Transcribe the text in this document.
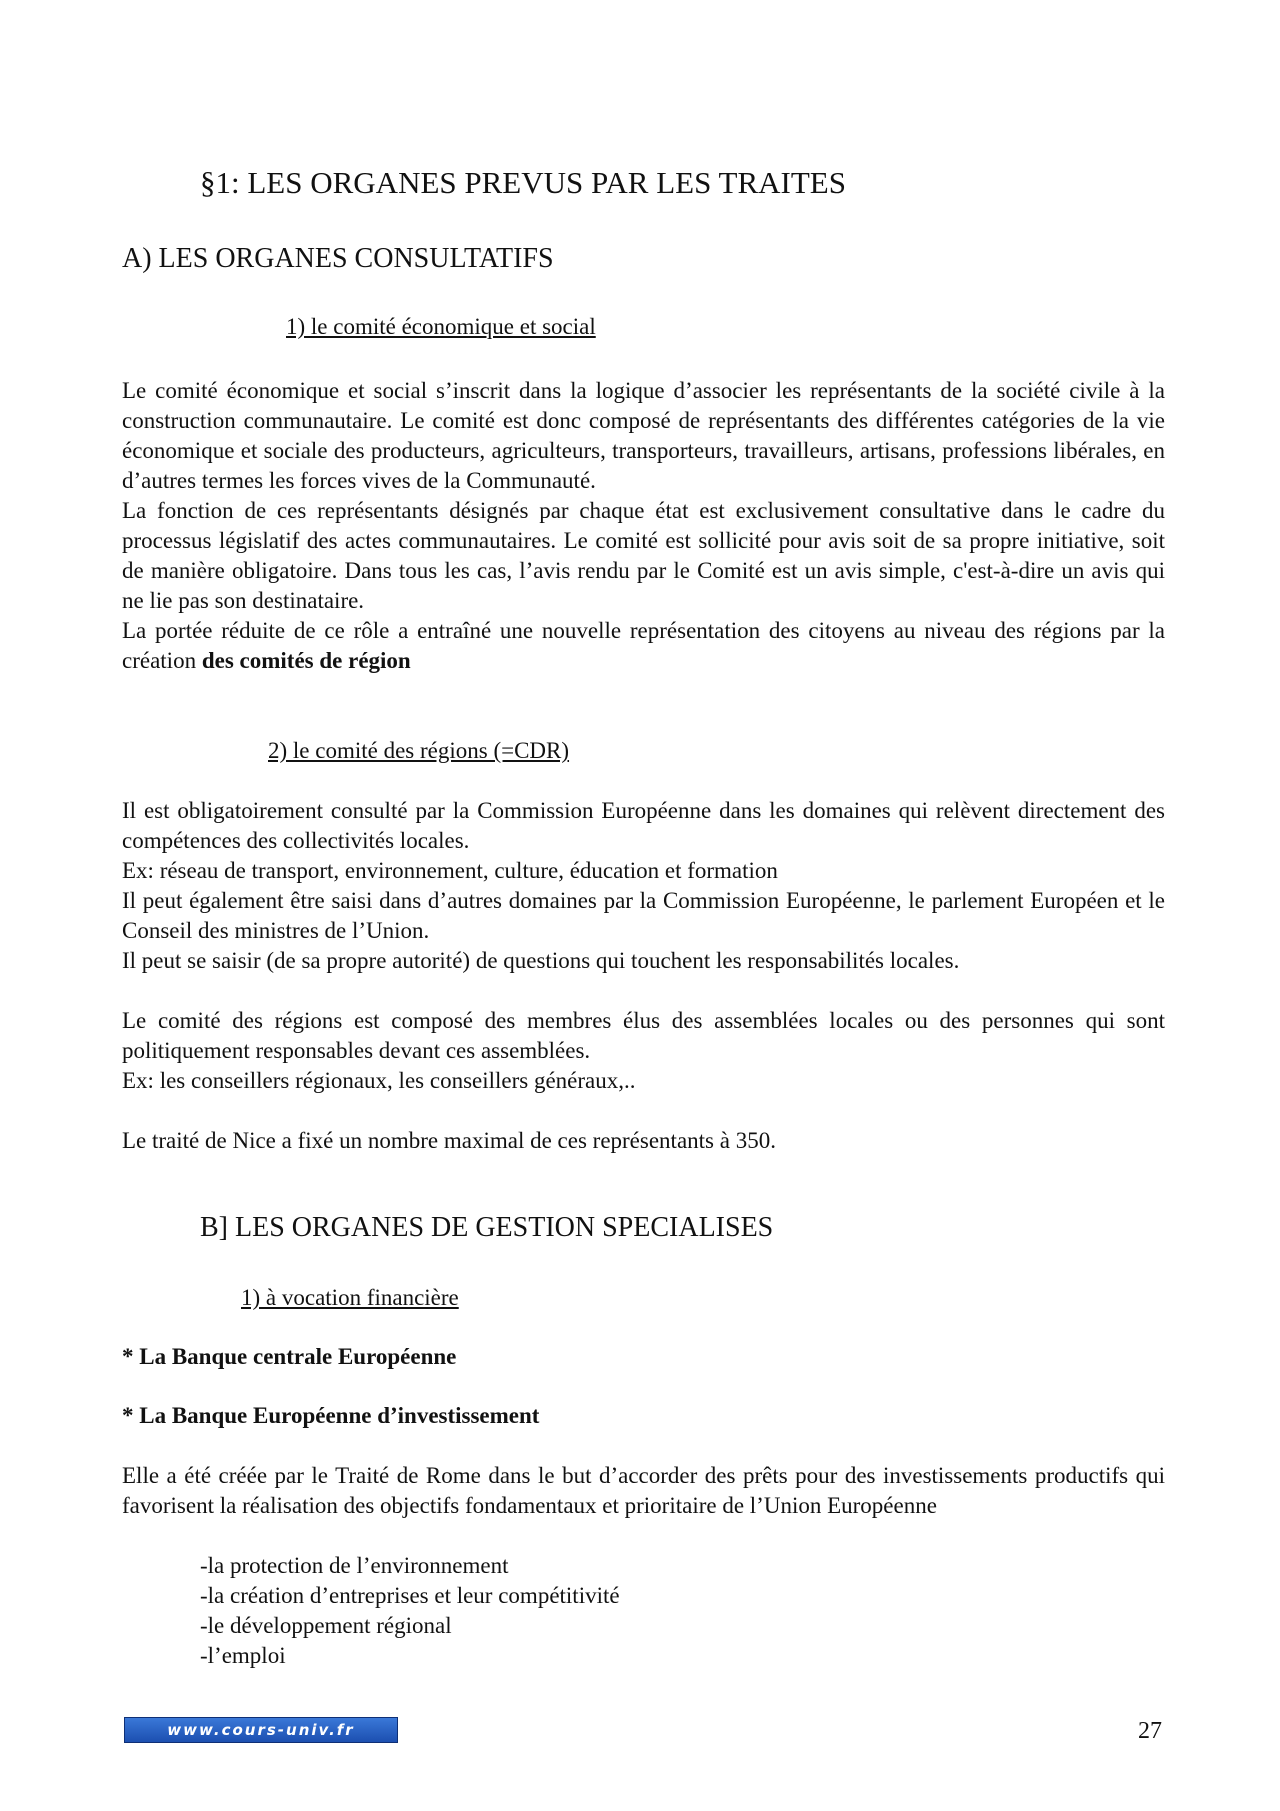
§1: LES ORGANES PREVUS PAR LES TRAITES
A) LES ORGANES CONSULTATIFS
1) le comité économique et social

Le comité économique et social s’inscrit dans la logique d’associer les représentants de la société civile à la construction communautaire. Le comité est donc composé de représentants des différentes catégories de la vie économique et sociale des producteurs, agriculteurs, transporteurs, travailleurs, artisans, professions libérales, en d’autres termes les forces vives de la Communauté.

La fonction de ces représentants désignés par chaque état est exclusivement consultative dans le cadre du processus législatif des actes communautaires. Le comité est sollicité pour avis soit de sa propre initiative, soit de manière obligatoire. Dans tous les cas, l’avis rendu par le Comité est un avis simple, c'est-à-dire un avis qui ne lie pas son destinataire.

La portée réduite de ce rôle a entraîné une nouvelle représentation des citoyens au niveau des régions par la création des comités de région

2) le comité des régions (=CDR)

Il est obligatoirement consulté par la Commission Européenne dans les domaines qui relèvent directement des compétences des collectivités locales.

Ex: réseau de transport, environnement, culture, éducation et formation

Il peut également être saisi dans d’autres domaines par la Commission Européenne, le parlement Européen et le Conseil des ministres de l’Union.

Il peut se saisir (de sa propre autorité) de questions qui touchent les responsabilités locales.

Le comité des régions est composé des membres élus des assemblées locales ou des personnes qui sont politiquement responsables devant ces assemblées.

Ex: les conseillers régionaux, les conseillers généraux,..

Le traité de Nice a fixé un nombre maximal de ces représentants à 350.

B] LES ORGANES DE GESTION SPECIALISES
1) à vocation financière
* La Banque centrale Européenne
* La Banque Européenne d’investissement

Elle a été créée par le Traité de Rome dans le but d’accorder des prêts pour des investissements productifs qui favorisent la réalisation des objectifs fondamentaux et prioritaire de l’Union Européenne

-la protection de l’environnement
-la création d’entreprises et leur compétitivité
-le développement régional
-l’emploi
www.cours-univ.fr	27
